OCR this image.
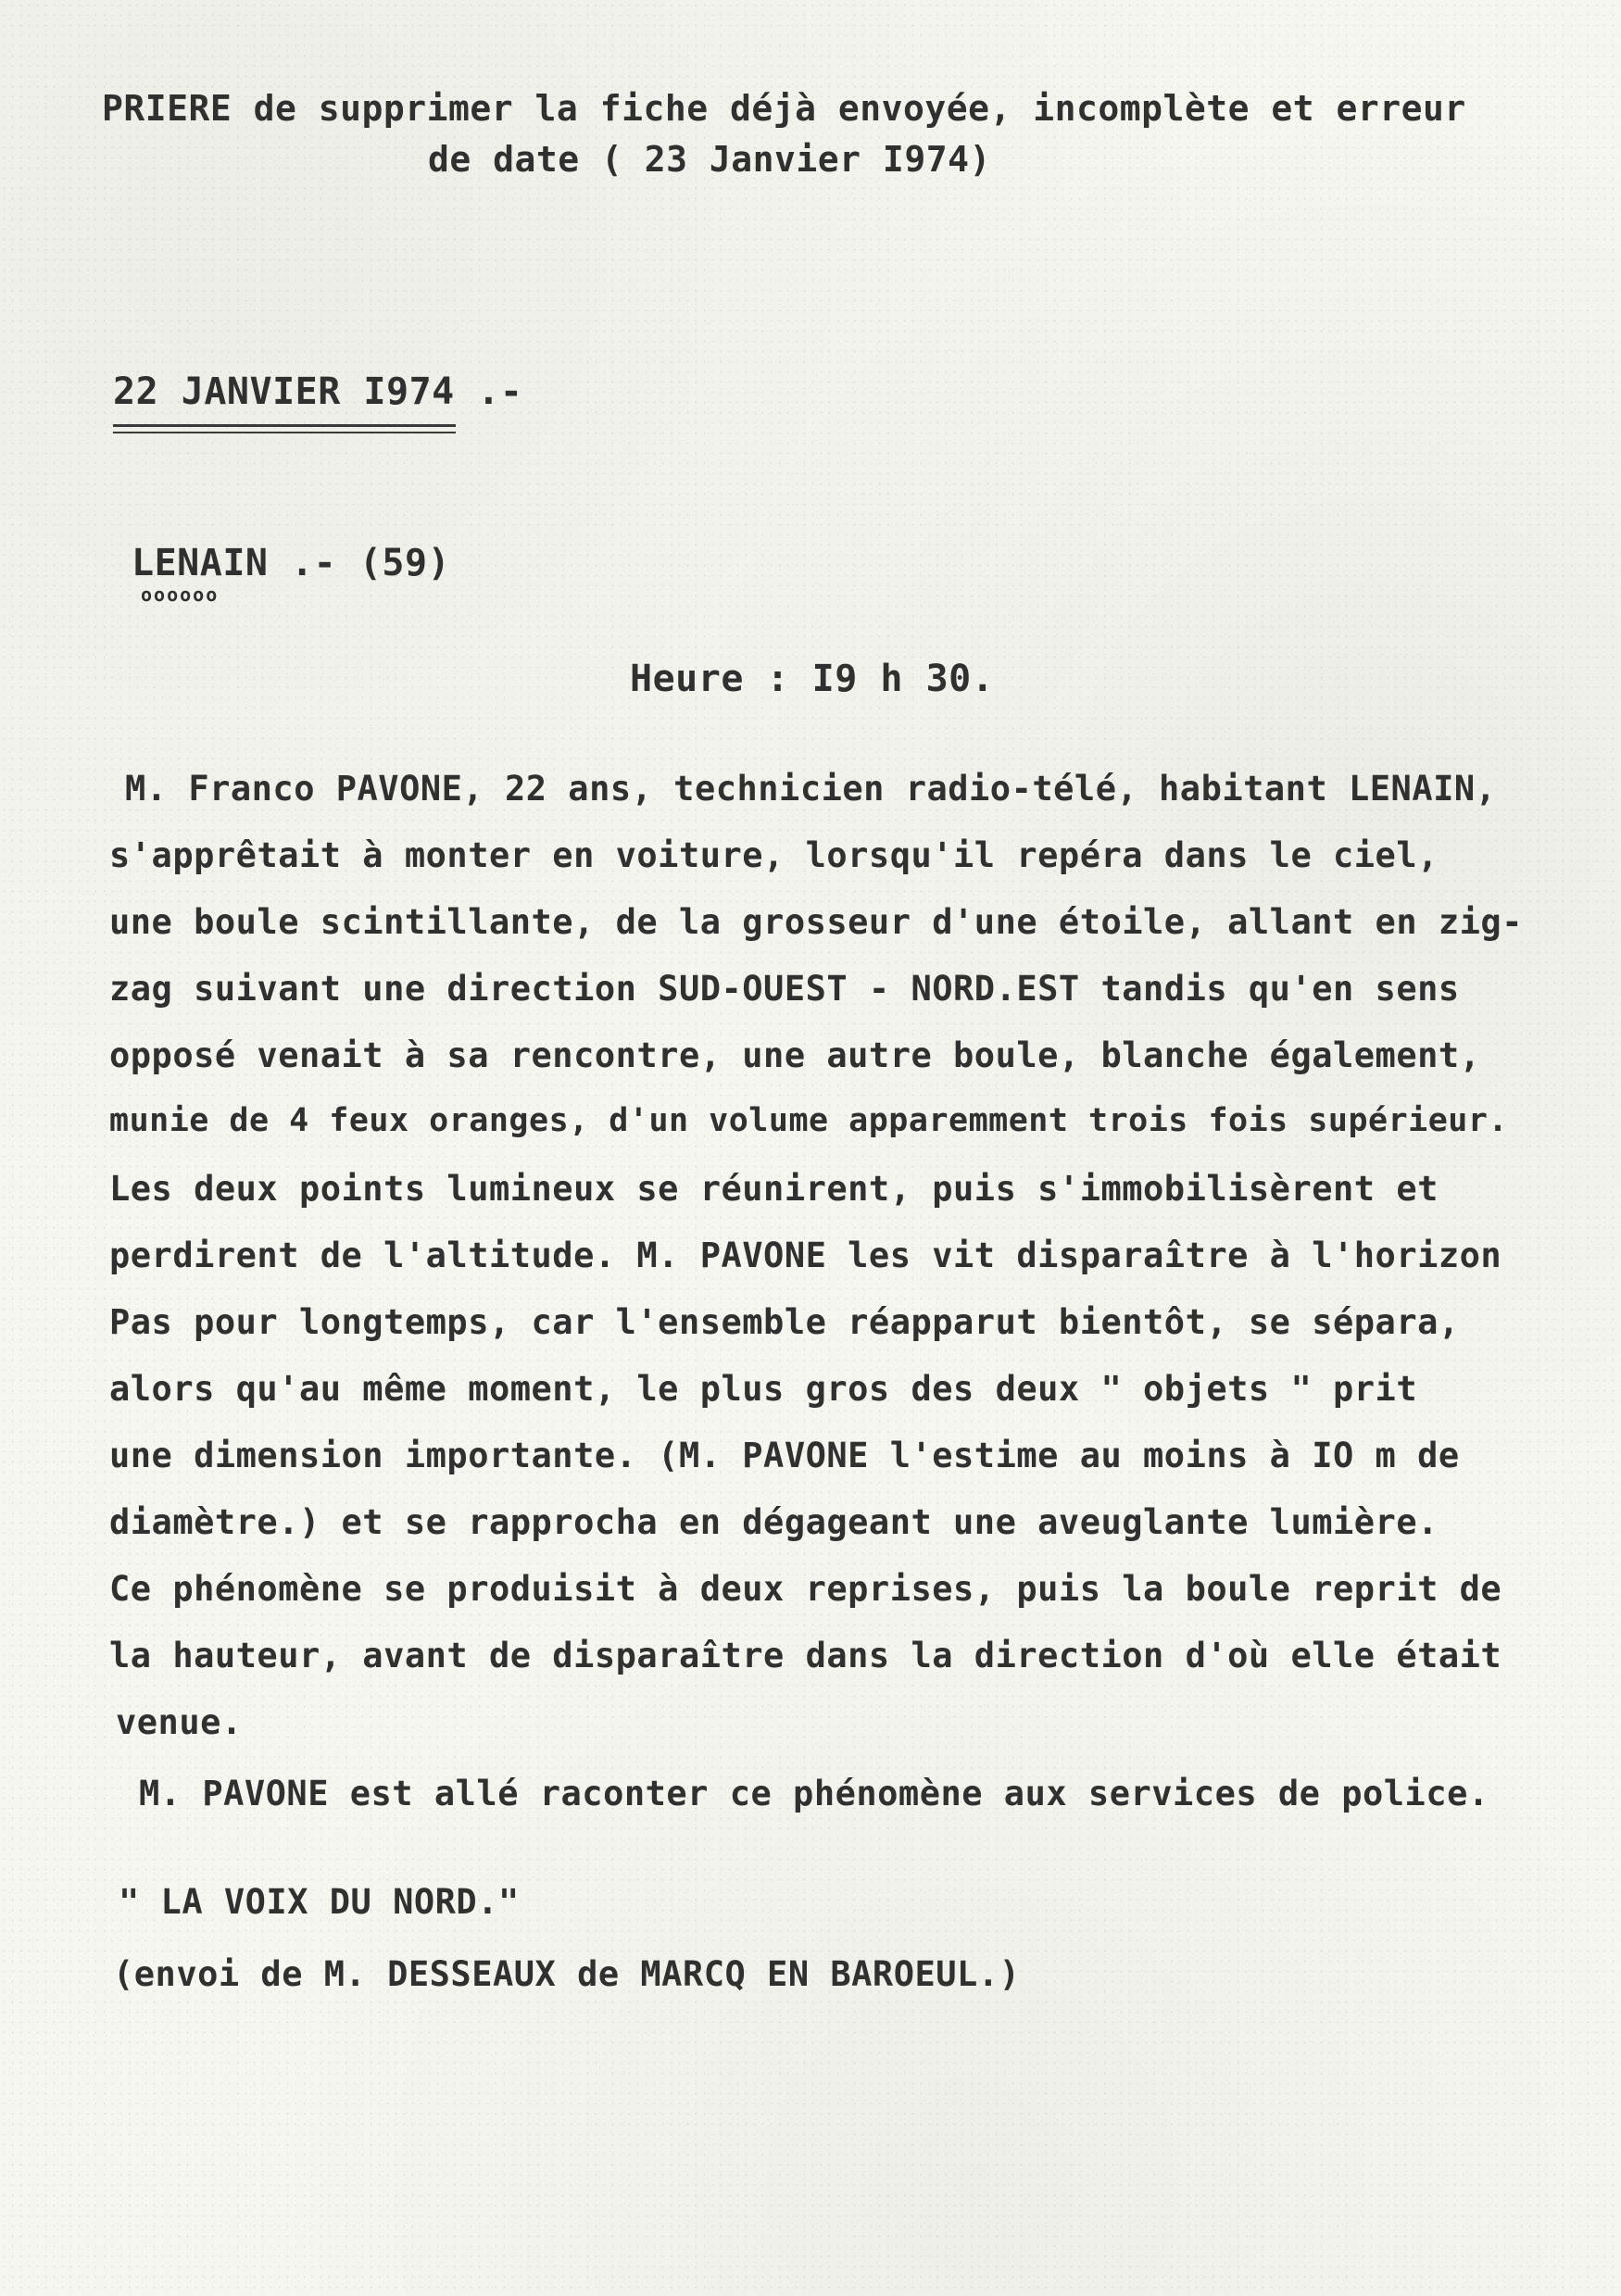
PRIERE de supprimer la fiche déjà envoyée, incomplète et erreur
de date ( 23 Janvier I974)
22 JANVIER I974 .-
LENAIN .- (59)
oooooo
Heure : I9 h 30.
M. Franco PAVONE, 22 ans, technicien radio-télé, habitant LENAIN,
s'apprêtait à monter en voiture, lorsqu'il repéra dans le ciel,
une boule scintillante, de la grosseur d'une étoile, allant en zig-
zag suivant une direction SUD-OUEST - NORD.EST tandis qu'en sens
opposé venait à sa rencontre, une autre boule, blanche également,
munie de 4 feux oranges, d'un volume apparemment trois fois supérieur.
Les deux points lumineux se réunirent, puis s'immobilisèrent et
perdirent de l'altitude. M. PAVONE les vit disparaître à l'horizon
Pas pour longtemps, car l'ensemble réapparut bientôt, se sépara,
alors qu'au même moment, le plus gros des deux " objets " prit
une dimension importante. (M. PAVONE l'estime au moins à IO m de
diamètre.) et se rapprocha en dégageant une aveuglante lumière.
Ce phénomène se produisit à deux reprises, puis la boule reprit de
la hauteur, avant de disparaître dans la direction d'où elle était
venue.
M. PAVONE est allé raconter ce phénomène aux services de police.
" LA VOIX DU NORD."
(envoi de M. DESSEAUX de MARCQ EN BAROEUL.)
